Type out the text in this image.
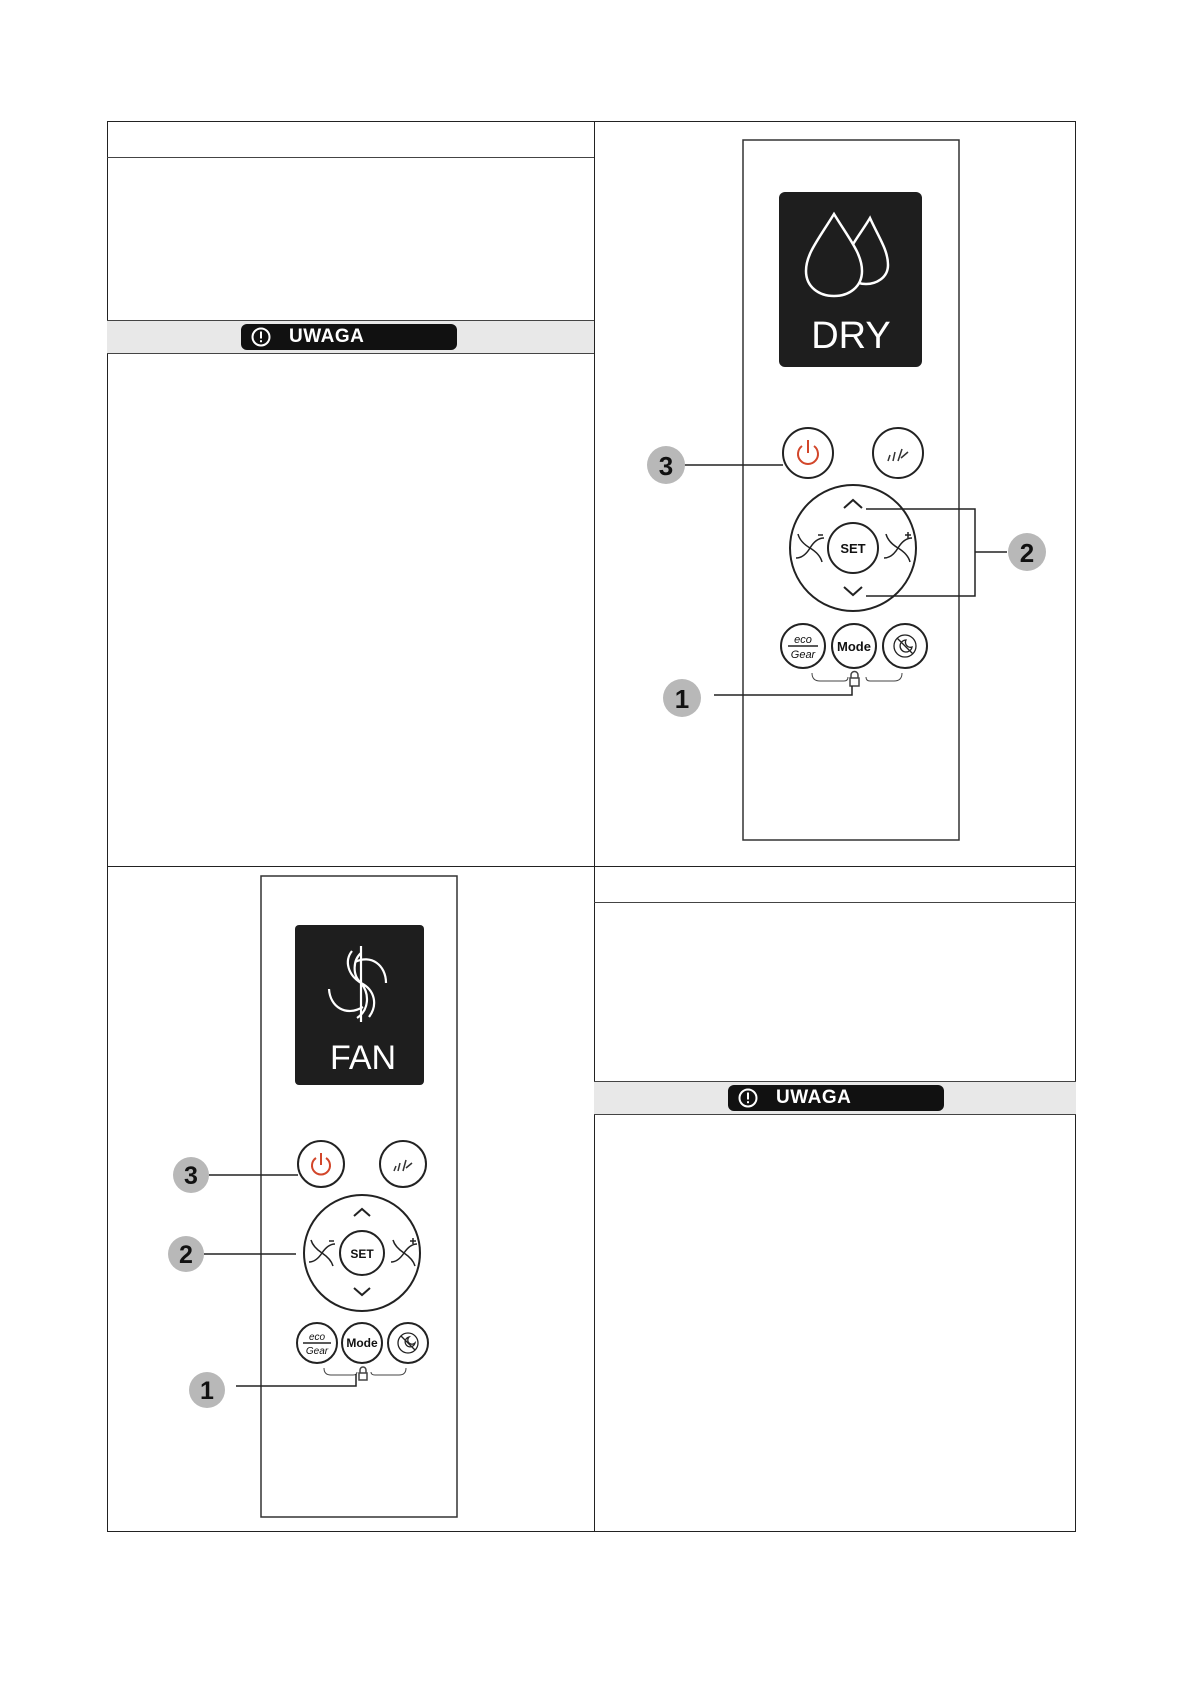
UWAGA
UWAGA
DRY
SET
eco
Gear
Mode
3
2
1
FAN
SET
eco
Gear
Mode
3
2
1
